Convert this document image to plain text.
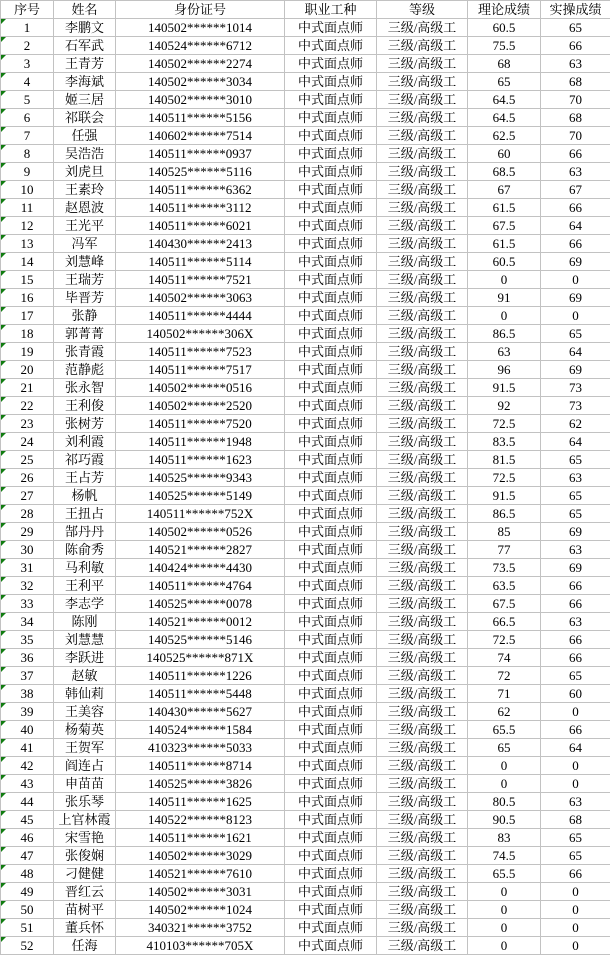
序号	姓名	身份证号	职业工种	等级	理论成绩	实操成绩

1	李鹏文	140502******1014	中式面点师	三级/高级工	60.5	65

2	石军武	140524******6712	中式面点师	三级/高级工	75.5	66

3	王青芳	140502******2274	中式面点师	三级/高级工	68	63

4	李海斌	140502******3034	中式面点师	三级/高级工	65	68

5	姬三居	140502******3010	中式面点师	三级/高级工	64.5	70

6	祁联会	140511******5156	中式面点师	三级/高级工	64.5	68

7	任强	140602******7514	中式面点师	三级/高级工	62.5	70

8	吴浩浩	140511******0937	中式面点师	三级/高级工	60	66

9	刘虎旦	140525******5116	中式面点师	三级/高级工	68.5	63

10	王素玲	140511******6362	中式面点师	三级/高级工	67	67

11	赵恩波	140511******3112	中式面点师	三级/高级工	61.5	66

12	王光平	140511******6021	中式面点师	三级/高级工	67.5	64

13	冯军	140430******2413	中式面点师	三级/高级工	61.5	66

14	刘慧峰	140511******5114	中式面点师	三级/高级工	60.5	69

15	王瑞芳	140511******7521	中式面点师	三级/高级工	0	0

16	毕晋芳	140502******3063	中式面点师	三级/高级工	91	69

17	张静	140511******4444	中式面点师	三级/高级工	0	0

18	郭菁菁	140502******306X	中式面点师	三级/高级工	86.5	65

19	张青霞	140511******7523	中式面点师	三级/高级工	63	64

20	范静彪	140511******7517	中式面点师	三级/高级工	96	69

21	张永智	140502******0516	中式面点师	三级/高级工	91.5	73

22	王利俊	140502******2520	中式面点师	三级/高级工	92	73

23	张树芳	140511******7520	中式面点师	三级/高级工	72.5	62

24	刘利霞	140511******1948	中式面点师	三级/高级工	83.5	64

25	祁巧霞	140511******1623	中式面点师	三级/高级工	81.5	65

26	王占芳	140525******9343	中式面点师	三级/高级工	72.5	63

27	杨帆	140525******5149	中式面点师	三级/高级工	91.5	65

28	王扭占	140511******752X	中式面点师	三级/高级工	86.5	65

29	郜丹丹	140502******0526	中式面点师	三级/高级工	85	69

30	陈俞秀	140521******2827	中式面点师	三级/高级工	77	63

31	马利敏	140424******4430	中式面点师	三级/高级工	73.5	69

32	王利平	140511******4764	中式面点师	三级/高级工	63.5	66

33	李志学	140525******0078	中式面点师	三级/高级工	67.5	66

34	陈刚	140521******0012	中式面点师	三级/高级工	66.5	63

35	刘慧慧	140525******5146	中式面点师	三级/高级工	72.5	66

36	李跃进	140525******871X	中式面点师	三级/高级工	74	66

37	赵敏	140511******1226	中式面点师	三级/高级工	72	65

38	韩仙莉	140511******5448	中式面点师	三级/高级工	71	60

39	王美容	140430******5627	中式面点师	三级/高级工	62	0

40	杨菊英	140524******1584	中式面点师	三级/高级工	65.5	66

41	王贺军	410323******5033	中式面点师	三级/高级工	65	64

42	阎连占	140511******8714	中式面点师	三级/高级工	0	0

43	申苗苗	140525******3826	中式面点师	三级/高级工	0	0

44	张乐琴	140511******1625	中式面点师	三级/高级工	80.5	63

45	上官林霞	140522******8123	中式面点师	三级/高级工	90.5	68

46	宋雪艳	140511******1621	中式面点师	三级/高级工	83	65

47	张俊娴	140502******3029	中式面点师	三级/高级工	74.5	65

48	刁健健	140521******7610	中式面点师	三级/高级工	65.5	66

49	晋红云	140502******3031	中式面点师	三级/高级工	0	0

50	苗树平	140502******1024	中式面点师	三级/高级工	0	0

51	董兵怀	340321******3752	中式面点师	三级/高级工	0	0

52	任海	410103******705X	中式面点师	三级/高级工	0	0
